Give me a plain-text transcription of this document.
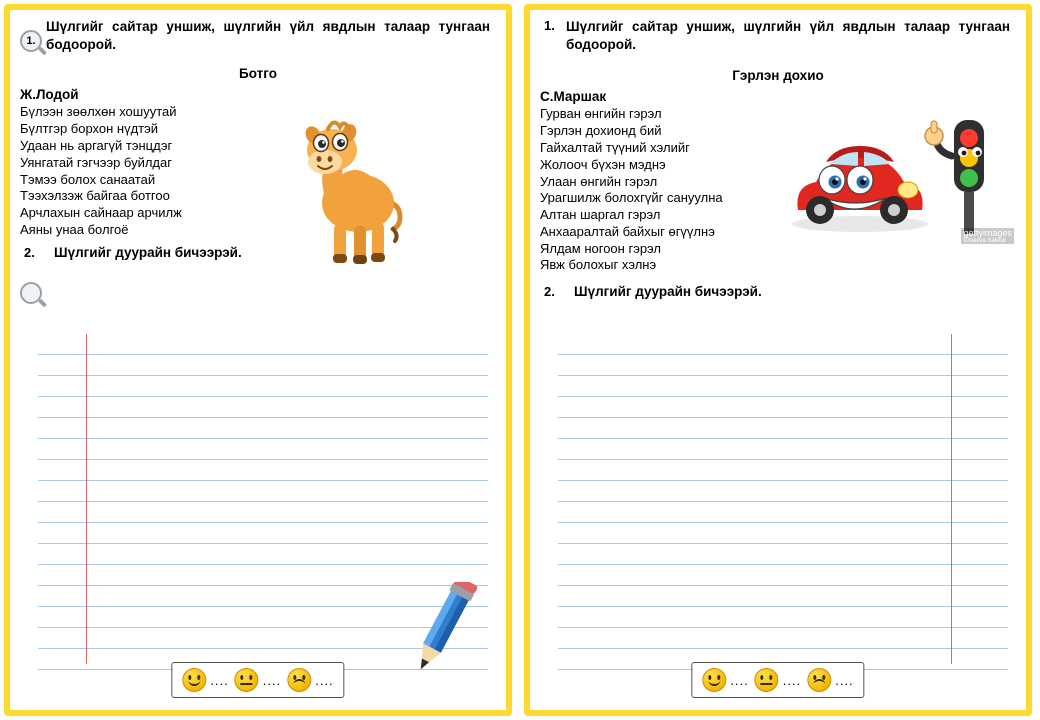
1.

Шүлгийг сайтар уншиж, шүлгийн үйл явдлын талаар тунгаан бодоорой.
Ботго
Ж.Лодой
Бүлээн зөөлхөн хошуутай
Бүлтгэр борхон нүдтэй
Удаан нь аргагүй тэнцдэг
Уянгатай гэгчээр буйлдаг
Тэмээ болох санаатай
Тээхэлзэж байгаа ботгоо
Арчлахын сайнаар арчилж
Аяны унаа болгоё
2.	Шүлгийг дуурайн бичээрэй.
....	....	....
1. Шүлгийг сайтар уншиж, шүлгийн үйл явдлын талаар тунгаан бодоорой.
Гэрлэн дохио
С.Маршак
Гурван өнгийн гэрэл
Гэрлэн дохионд бий
Гайхалтай түүний хэлийг
Жолооч бүхэн мэднэ
Улаан өнгийн гэрэл
Урагшилж болохгүйг сануулна
Алтан шаргал гэрэл
Анхааралтай байхыг өгүүлнэ
Ялдам ногоон гэрэл
Явж болохыг хэлнэ
gettyimages
Creative Sakkar
2.	Шүлгийг дуурайн бичээрэй.
....	....	....
